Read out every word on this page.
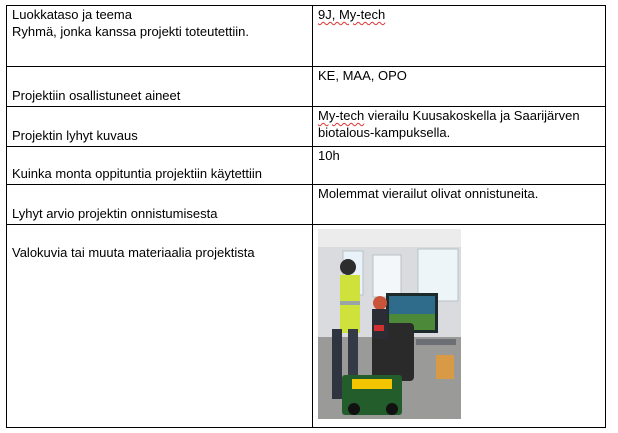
Luokkataso ja teema
Ryhmä, jonka kanssa projekti toteutettiin.	9J, My-tech

Projektiin osallistuneet aineet	KE, MAA, OPO

Projektin lyhyt kuvaus	My-tech vierailu Kuusakoskella ja Saarijärven biotalous-kampuksella.

Kuinka monta oppituntia projektiin käytettiin	10h

Lyhyt arvio projektin onnistumisesta	Molemmat vierailut olivat onnistuneita.

Valokuvia tai muuta materiaalia projektista
